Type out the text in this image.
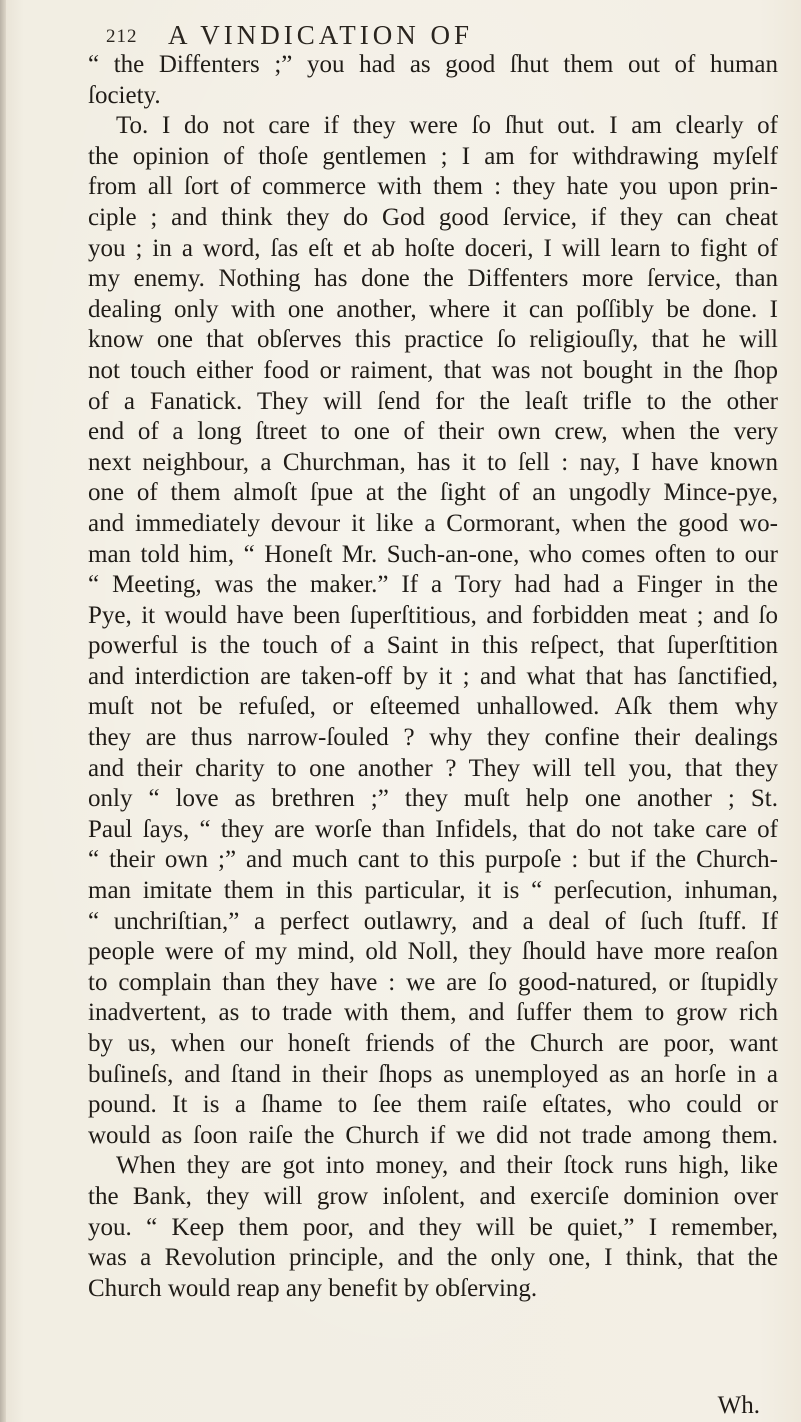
212 A VINDICATION OF
“ the Diffenters ;” you had as good ſhut them out of human
ſociety.
To. I do not care if they were ſo ſhut out. I am clearly of
the opinion of thoſe gentlemen ; I am for withdrawing myſelf
from all ſort of commerce with them : they hate you upon prin-
ciple ; and think they do God good ſervice, if they can cheat
you ; in a word, ſas eſt et ab hoſte doceri, I will learn to fight of
my enemy. Nothing has done the Diffenters more ſervice, than
dealing only with one another, where it can poſſibly be done. I
know one that obſerves this practice ſo religiouſly, that he will
not touch either food or raiment, that was not bought in the ſhop
of a Fanatick. They will ſend for the leaſt trifle to the other
end of a long ſtreet to one of their own crew, when the very
next neighbour, a Churchman, has it to ſell : nay, I have known
one of them almoſt ſpue at the ſight of an ungodly Mince-pye,
and immediately devour it like a Cormorant, when the good wo-
man told him, “ Honeſt Mr. Such-an-one, who comes often to our
“ Meeting, was the maker.” If a Tory had had a Finger in the
Pye, it would have been ſuperſtitious, and forbidden meat ; and ſo
powerful is the touch of a Saint in this reſpect, that ſuperſtition
and interdiction are taken-off by it ; and what that has ſanctified,
muſt not be refuſed, or eſteemed unhallowed. Aſk them why
they are thus narrow-ſouled ? why they confine their dealings
and their charity to one another ? They will tell you, that they
only “ love as brethren ;” they muſt help one another ; St.
Paul ſays, “ they are worſe than Infidels, that do not take care of
“ their own ;” and much cant to this purpoſe : but if the Church-
man imitate them in this particular, it is “ perſecution, inhuman,
“ unchriſtian,” a perfect outlawry, and a deal of ſuch ſtuff. If
people were of my mind, old Noll, they ſhould have more reaſon
to complain than they have : we are ſo good-natured, or ſtupidly
inadvertent, as to trade with them, and ſuffer them to grow rich
by us, when our honeſt friends of the Church are poor, want
buſineſs, and ſtand in their ſhops as unemployed as an horſe in a
pound. It is a ſhame to ſee them raiſe eſtates, who could or
would as ſoon raiſe the Church if we did not trade among them.
When they are got into money, and their ſtock runs high, like
the Bank, they will grow inſolent, and exerciſe dominion over
you. “ Keep them poor, and they will be quiet,” I remember,
was a Revolution principle, and the only one, I think, that the
Church would reap any benefit by obſerving.
Wh.
